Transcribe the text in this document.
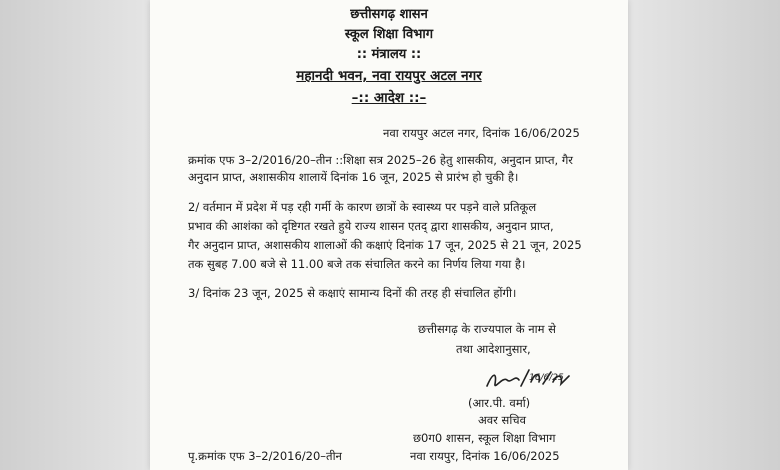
छत्तीसगढ़ शासन
स्कूल शिक्षा विभाग
:: मंत्रालय ::
महानदी भवन, नवा रायपुर अटल नगर
–:: आदेश ::–
नवा रायपुर अटल नगर, दिनांक 16/06/2025
क्रमांक एफ 3–2/2016/20–तीन ::शिक्षा सत्र 2025–26 हेतु शासकीय, अनुदान प्राप्त, गैर
अनुदान प्राप्त, अशासकीय शालायें दिनांक 16 जून, 2025 से प्रारंभ हो चुकी है।
2/ वर्तमान में प्रदेश में पड़ रही गर्मी के कारण छात्रों के स्वास्थ्य पर पड़ने वाले प्रतिकूल
प्रभाव की आशंका को दृष्टिगत रखते हुये राज्य शासन एतद् द्वारा शासकीय, अनुदान प्राप्त,
गैर अनुदान प्राप्त, अशासकीय शालाओं की कक्षाएं दिनांक 17 जून, 2025 से 21 जून, 2025
तक सुबह 7.00 बजे से 11.00 बजे तक संचालित करने का निर्णय लिया गया है।
3/ दिनांक 23 जून, 2025 से कक्षाएं सामान्य दिनों की तरह ही संचालित होंगी।
छत्तीसगढ़ के राज्यपाल के नाम से
तथा आदेशानुसार,
16/6/25
(आर.पी. वर्मा)
अवर सचिव
छ0ग0 शासन, स्कूल शिक्षा विभाग
नवा रायपुर, दिनांक 16/06/2025
पृ.क्रमांक एफ 3–2/2016/20–तीन
